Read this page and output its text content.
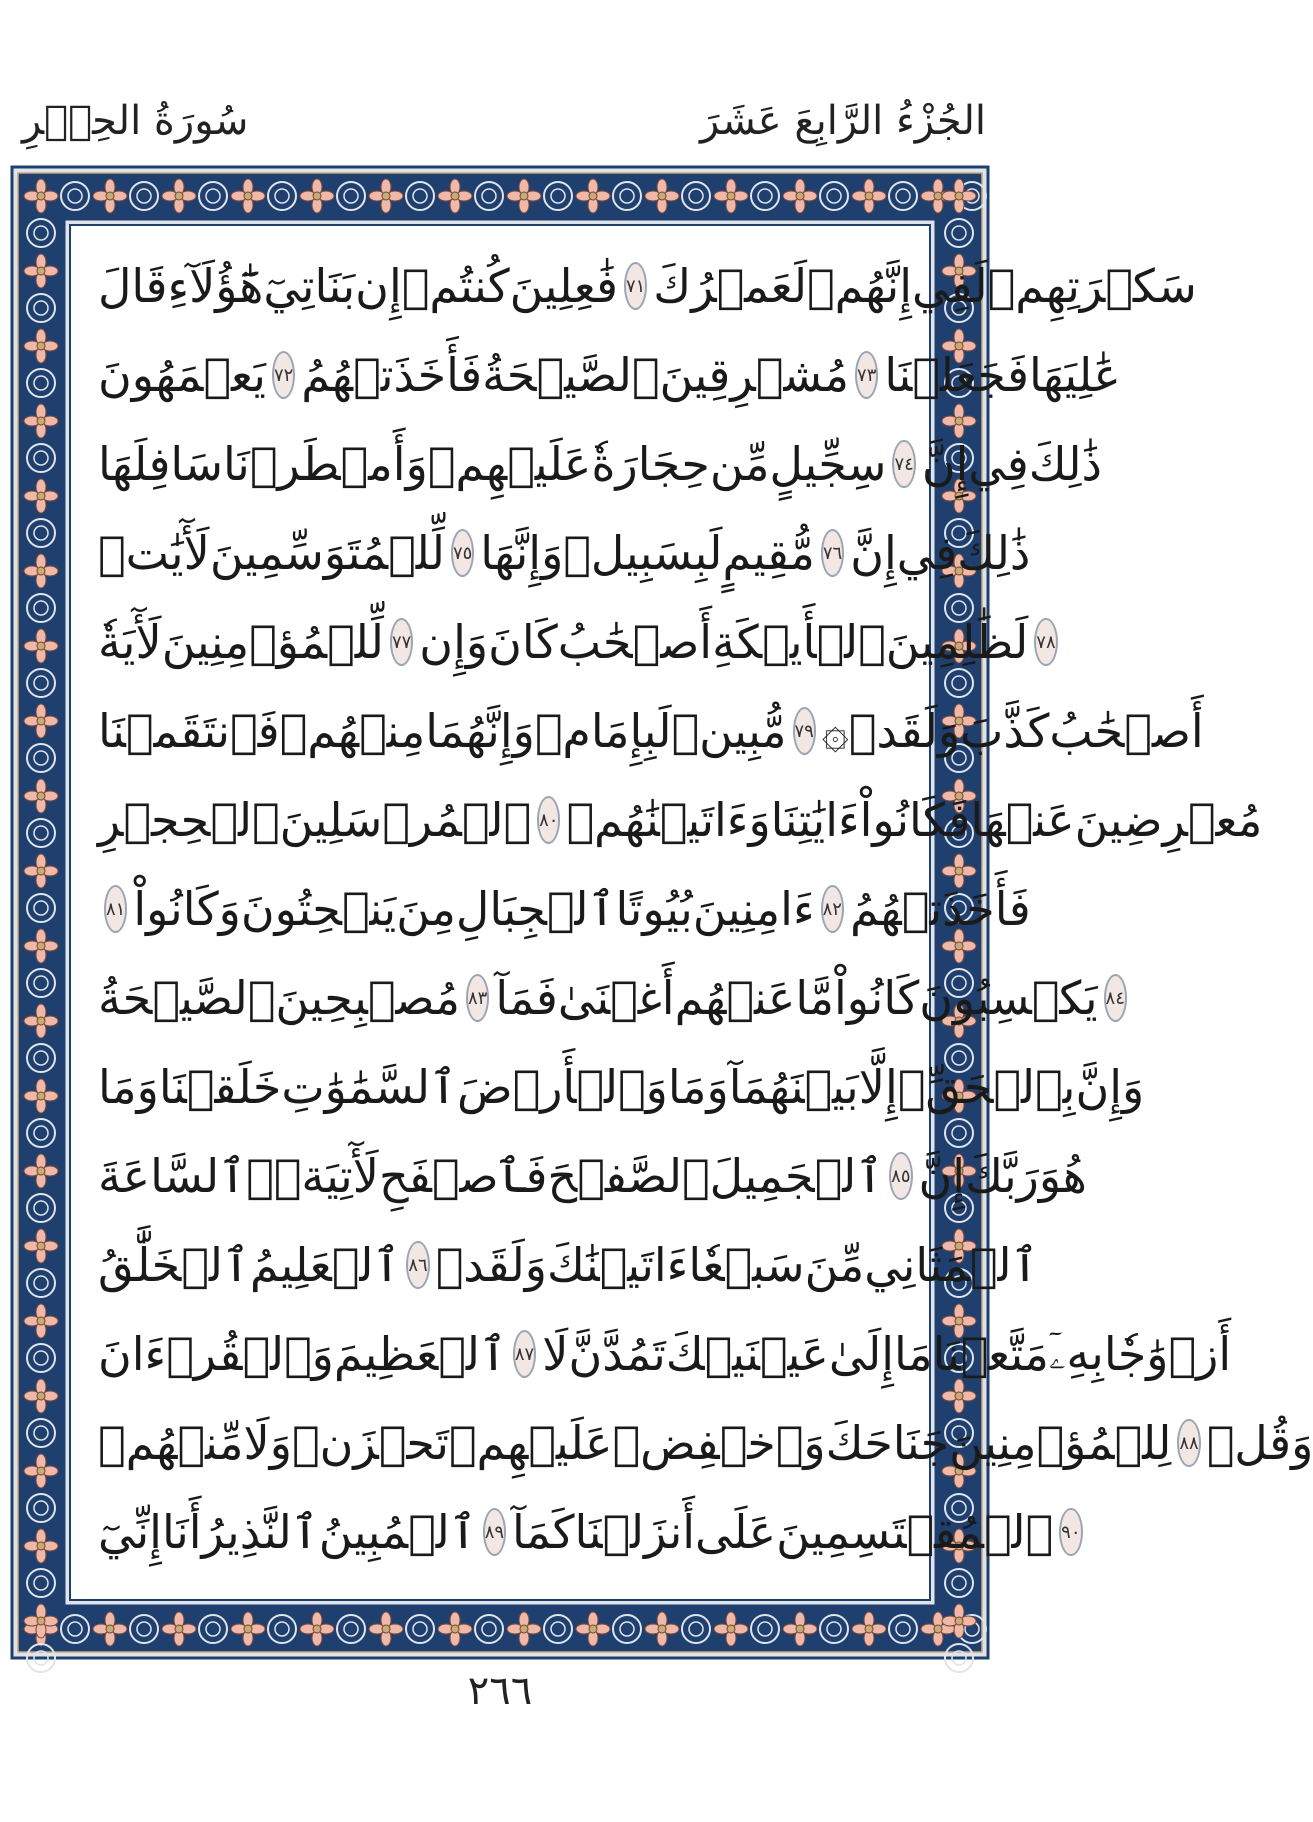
الجُزْءُ الرَّابِعَ عَشَرَ
سُورَةُ الحِجۡرِ
قَالَ هَٰٓؤُلَآءِ بَنَاتِيٓ إِن كُنتُمۡ فَٰعِلِينَ ٧١ لَعَمۡرُكَ إِنَّهُمۡ لَفِي سَكۡرَتِهِمۡ
يَعۡمَهُونَ ٧٢ فَأَخَذَتۡهُمُ ٱلصَّيۡحَةُ مُشۡرِقِينَ ٧٣ فَجَعَلۡنَا عَٰلِيَهَا
سَافِلَهَا وَأَمۡطَرۡنَا عَلَيۡهِمۡ حِجَارَةٗ مِّن سِجِّيلٍ ٧٤ إِنَّ فِي ذَٰلِكَ
لَأٓيَٰتٖ لِّلۡمُتَوَسِّمِينَ ٧٥ وَإِنَّهَا لَبِسَبِيلٖ مُّقِيمٍ ٧٦ إِنَّ فِي ذَٰلِكَ
لَأٓيَةٗ لِّلۡمُؤۡمِنِينَ ٧٧ وَإِن كَانَ أَصۡحَٰبُ ٱلۡأَيۡكَةِ لَظَٰلِمِينَ ٧٨
فَٱنتَقَمۡنَا مِنۡهُمۡ وَإِنَّهُمَا لَبِإِمَامٖ مُّبِينٖ ٧٩ ۞ وَلَقَدۡ كَذَّبَ أَصۡحَٰبُ
ٱلۡحِجۡرِ ٱلۡمُرۡسَلِينَ ٨٠ وَءَاتَيۡنَٰهُمۡ ءَايَٰتِنَا فَكَانُواْ عَنۡهَا مُعۡرِضِينَ
٨١ وَكَانُواْ يَنۡحِتُونَ مِنَ ٱلۡجِبَالِ بُيُوتًا ءَامِنِينَ ٨٢ فَأَخَذَتۡهُمُ
ٱلصَّيۡحَةُ مُصۡبِحِينَ ٨٣ فَمَآ أَغۡنَىٰ عَنۡهُم مَّا كَانُواْ يَكۡسِبُونَ ٨٤
وَمَا خَلَقۡنَا ٱلسَّمَٰوَٰتِ وَٱلۡأَرۡضَ وَمَا بَيۡنَهُمَآ إِلَّا بِٱلۡحَقِّۗ وَإِنَّ
ٱلسَّاعَةَ لَأٓتِيَةٞۖ فَٱصۡفَحِ ٱلصَّفۡحَ ٱلۡجَمِيلَ ٨٥ إِنَّ رَبَّكَ هُوَ
ٱلۡخَلَّٰقُ ٱلۡعَلِيمُ ٨٦ وَلَقَدۡ ءَاتَيۡنَٰكَ سَبۡعٗا مِّنَ ٱلۡمَثَانِي
وَٱلۡقُرۡءَانَ ٱلۡعَظِيمَ ٨٧ لَا تَمُدَّنَّ عَيۡنَيۡكَ إِلَىٰ مَا مَتَّعۡنَا بِهِۦٓ أَزۡوَٰجٗا
مِّنۡهُمۡ وَلَا تَحۡزَنۡ عَلَيۡهِمۡ وَٱخۡفِضۡ جَنَاحَكَ لِلۡمُؤۡمِنِينَ ٨٨ وَقُلۡ
إِنِّيٓ أَنَا ٱلنَّذِيرُ ٱلۡمُبِينُ ٨٩ كَمَآ أَنزَلۡنَا عَلَى ٱلۡمُقۡتَسِمِينَ ٩٠
٢٦٦
